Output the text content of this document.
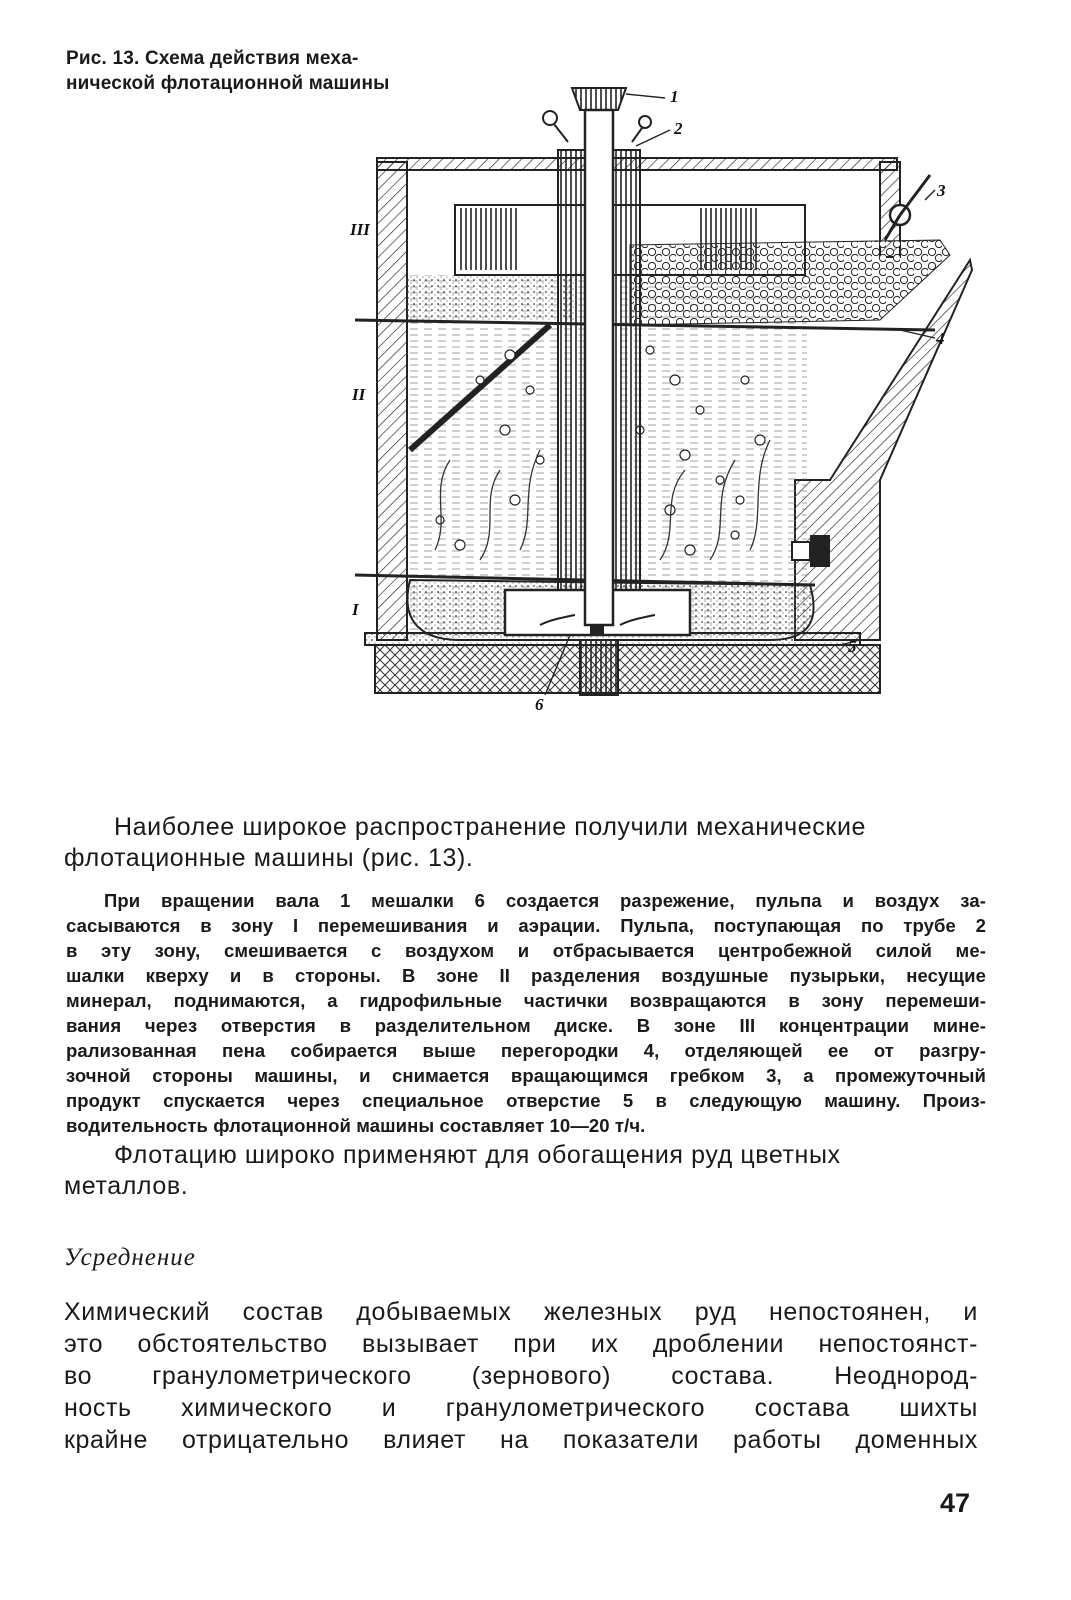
Рис. 13. Схема действия меха-
нической флотационной машины
1
2
3
4
5
6
III
II
I
Наиболее широкое распространение получили механические
флотационные машины (рис. 13).
При вращении вала 1 мешалки 6 создается разрежение, пульпа и воздух за-
сасываются в зону I перемешивания и аэрации. Пульпа, поступающая по трубе 2
в эту зону, смешивается с воздухом и отбрасывается центробежной силой ме-
шалки кверху и в стороны. В зоне II разделения воздушные пузырьки, несущие
минерал, поднимаются, а гидрофильные частички возвращаются в зону перемеши-
вания через отверстия в разделительном диске. В зоне III концентрации мине-
рализованная пена собирается выше перегородки 4, отделяющей ее от разгру-
зочной стороны машины, и снимается вращающимся гребком 3, а промежуточный
продукт спускается через специальное отверстие 5 в следующую машину. Произ-
водительность флотационной машины составляет 10—20 т/ч.
Флотацию широко применяют для обогащения руд цветных
металлов.
Усреднение
Химический состав добываемых железных руд непостоянен, и
это обстоятельство вызывает при их дроблении непостоянст-
во гранулометрического (зернового) состава. Неоднород-
ность химического и гранулометрического состава шихты
крайне отрицательно влияет на показатели работы доменных
47
